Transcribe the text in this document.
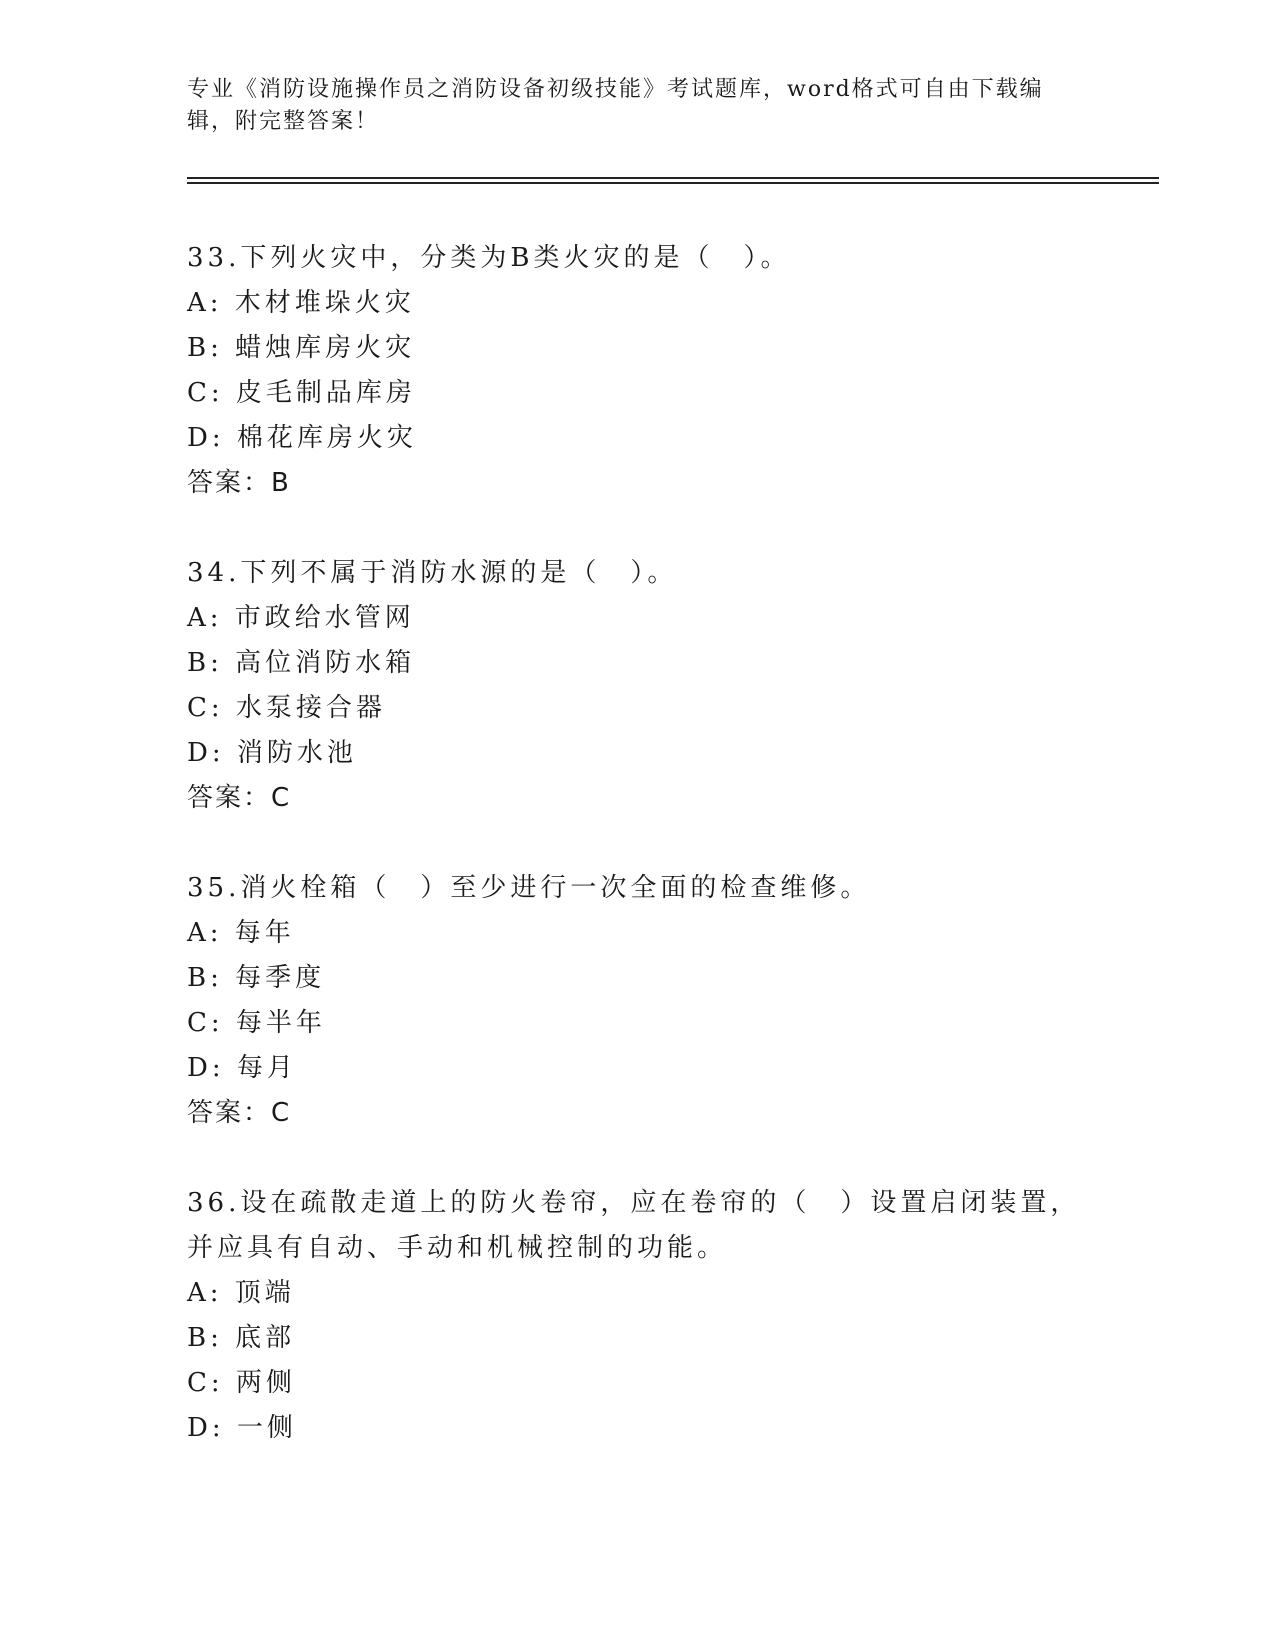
专业《消防设施操作员之消防设备初级技能》考试题库，word格式可自由下载编辑，附完整答案！
33.下列火灾中，分类为B类火灾的是（　）。
A: 木材堆垛火灾
B: 蜡烛库房火灾
C: 皮毛制品库房
D: 棉花库房火灾
答案：B
34.下列不属于消防水源的是（　）。
A: 市政给水管网
B: 高位消防水箱
C: 水泵接合器
D: 消防水池
答案：C
35.消火栓箱（　）至少进行一次全面的检查维修。
A: 每年
B: 每季度
C: 每半年
D: 每月
答案：C
36.设在疏散走道上的防火卷帘，应在卷帘的（　）设置启闭装置，并应具有自动、手动和机械控制的功能。
A: 顶端
B: 底部
C: 两侧
D: 一侧
